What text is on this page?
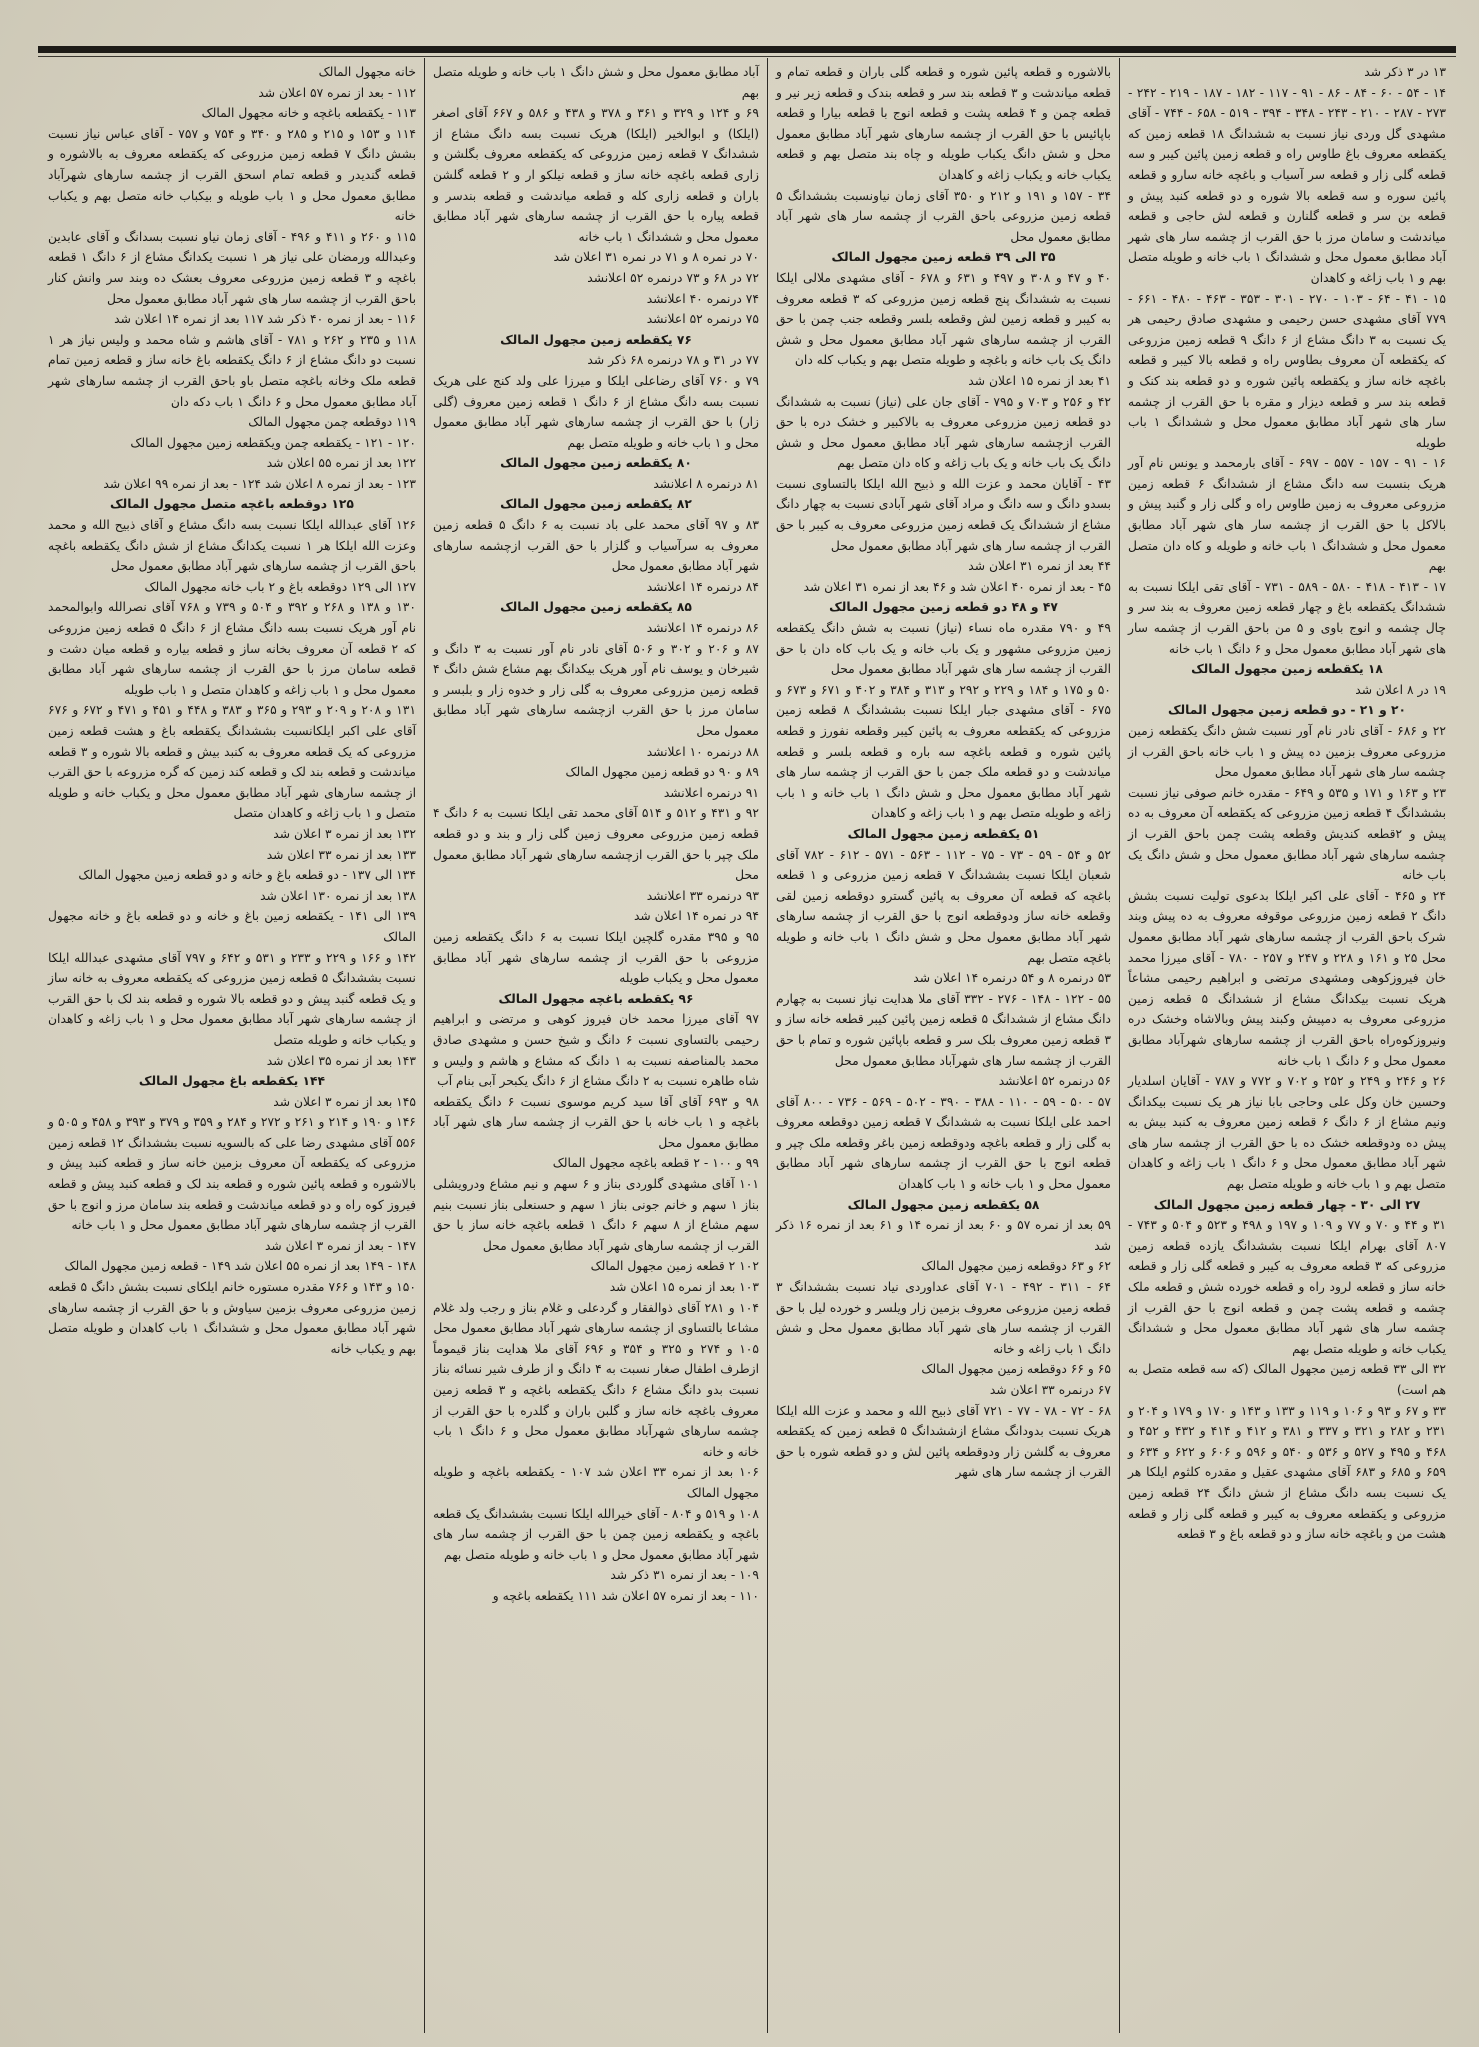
خانه مجهول المالک

۱۱۲ - بعد از نمره ۵۷ اعلان شد

۱۱۳ - یکقطعه باغچه و خانه مجهول المالک

۱۱۴ و ۱۵۳ و ۲۱۵ و ۲۸۵ و ۳۴۰ و ۷۵۴ و ۷۵۷ - آقای عباس نیاز نسبت بشش دانگ ۷ قطعه زمین مزروعی که یکقطعه معروف به بالاشوره و قطعه گندیدر و قطعه تمام اسحق القرب از چشمه سارهای شهرآباد مطابق معمول محل و ۱ باب طویله و بیکباب خانه متصل بهم و یکباب خانه

۱۱۵ و ۲۶۰ و ۴۱۱ و ۴۹۶ - آقای زمان نیاو نسبت بسدانگ و آقای عابدین وعبدالله ورمضان علی نیاز هر ۱ نسبت یکدانگ مشاع از ۶ دانگ ۱ قطعه باغچه و ۳ قطعه زمین مزروعی معروف بعشک ده وبند سر وانش کنار باحق القرب از چشمه سار های شهر آباد مطابق معمول محل

۱۱۶ - بعد از نمره ۴۰ ذکر شد ۱۱۷ بعد از نمره ۱۴ اعلان شد

۱۱۸ و ۲۳۵ و ۲۶۲ و ۷۸۱ - آقای هاشم و شاه محمد و ولیس نیاز هر ۱ نسبت دو دانگ مشاع از ۶ دانگ یکقطعه باغ خانه ساز و قطعه زمین تمام قطعه ملک وخانه باغچه متصل باو باحق القرب از چشمه سارهای شهر آباد مطابق معمول محل و ۶ دانگ ۱ باب دکه دان

۱۱۹ دوقطعه چمن مجهول المالک

۱۲۰ - ۱۲۱ - یکقطعه چمن ویکقطعه زمین مجهول المالک

۱۲۲ بعد از نمره ۵۵ اعلان شد

۱۲۳ - بعد از نمره ۸ اعلان شد ۱۲۴ - بعد از نمره ۹۹ اعلان شد

۱۲۵ دوقطعه باغچه متصل مجهول المالک

۱۲۶ آقای عبدالله ایلکا نسبت بسه دانگ مشاع و آقای ذبیح الله و محمد وعزت الله ایلکا هر ۱ نسبت یکدانگ مشاع از شش دانگ یکقطعه باغچه باحق القرب از چشمه سارهای شهر آباد مطابق معمول محل

۱۲۷ الی ۱۲۹ دوقطعه باغ و ۲ باب خانه مجهول المالک

۱۳۰ و ۱۳۸ و ۲۶۸ و ۳۹۲ و ۵۰۴ و ۷۳۹ و ۷۶۸ آقای نصرالله وابوالمحمد نام آور هریک نسبت بسه دانگ مشاع از ۶ دانگ ۵ قطعه زمین مزروعی که ۲ قطعه آن معروف بخانه ساز و قطعه بیاره و قطعه میان دشت و قطعه سامان مرز با حق القرب از چشمه سارهای شهر آباد مطابق معمول محل و ۱ باب زاغه و کاهدان متصل و ۱ باب طویله

۱۳۱ و ۲۰۸ و ۲۰۹ و ۲۹۳ و ۳۶۵ و ۳۸۳ و ۴۴۸ و ۴۵۱ و ۴۷۱ و ۶۷۲ و ۶۷۶ آقای علی اکبر ایلکانسبت بششدانگ یکقطعه باغ و هشت قطعه زمین مزروعی که یک قطعه معروف به کنبد بیش و قطعه بالا شوره و ۳ قطعه میاندشت و قطعه بند لک و قطعه کند زمین که گره مزروعه با حق القرب از چشمه سارهای شهر آباد مطابق معمول محل و یکباب خانه و طویله متصل و ۱ باب زاغه و کاهدان متصل

۱۳۲ بعد از نمره ۳ اعلان شد

۱۳۳ بعد از نمره ۳۳ اعلان شد

۱۳۴ الی ۱۳۷ - دو قطعه باغ و خانه و دو قطعه زمین مجهول المالک

۱۳۸ بعد از نمره ۱۳۰ اعلان شد

۱۳۹ الی ۱۴۱ - یکقطعه زمین باغ و خانه و دو قطعه باغ و خانه مجهول المالک

۱۴۲ و ۱۶۶ و ۲۲۹ و ۲۳۳ و ۵۳۱ و ۶۴۲ و ۷۹۷ آقای مشهدی عبدالله ایلکا نسبت بششدانگ ۵ قطعه زمین مزروعی که یکقطعه معروف به خانه ساز و یک قطعه گنبد پیش و دو قطعه بالا شوره و قطعه بند لک با حق القرب از چشمه سارهای شهر آباد مطابق معمول محل و ۱ باب زاغه و کاهدان و یکباب خانه و طویله متصل

۱۴۳ بعد از نمره ۳۵ اعلان شد

۱۴۴ یکقطعه باغ مجهول المالک

۱۴۵ بعد از نمره ۳ اعلان شد

۱۴۶ و ۱۹۰ و ۲۱۴ و ۲۶۱ و ۲۷۲ و ۲۸۴ و ۳۵۹ و ۳۷۹ و ۳۹۳ و ۴۵۸ و ۵۰۵ و ۵۵۶ آقای مشهدی رضا علی که بالسویه نسبت بششدانگ ۱۲ قطعه زمین مزروعی که یکقطعه آن معروف بزمین خانه ساز و قطعه کنبد پیش و بالاشوره و قطعه پائین شوره و قطعه بند لک و قطعه کنبد پیش و قطعه فیروز کوه راه و دو قطعه میاندشت و قطعه بند سامان مرز و انوج با حق القرب از چشمه سارهای شهر آباد مطابق معمول محل و ۱ باب خانه

۱۴۷ - بعد از نمره ۳ اعلان شد

۱۴۸ - ۱۴۹ بعد از نمره ۵۵ اعلان شد ۱۴۹ - قطعه زمین مجهول المالک

۱۵۰ و ۱۴۳ و ۷۶۶ مقدره مستوره خانم ایلکای نسبت بشش دانگ ۵ قطعه زمین مزروعی معروف بزمین سیاوش و با حق القرب از چشمه سارهای شهر آباد مطابق معمول محل و ششدانگ ۱ باب کاهدان و طویله متصل بهم و یکباب خانه

آباد مطابق معمول محل و شش دانگ ۱ باب خانه و طویله متصل بهم

۶۹ و ۱۲۴ و ۳۲۹ و ۳۶۱ و ۳۷۸ و ۴۳۸ و ۵۸۶ و ۶۶۷ آقای اصغر (ایلکا) و ابوالخیر (ایلکا) هریک نسبت بسه دانگ مشاع از ششدانگ ۷ قطعه زمین مزروعی که یکقطعه معروف بگلشن و زاری قطعه باغچه خانه ساز و قطعه نیلکو ار و ۲ قطعه گلشن باران و قطعه زاری کله و قطعه میاندشت و قطعه بندسر و قطعه پیاره با حق القرب از چشمه سارهای شهر آباد مطابق معمول محل و ششدانگ ۱ باب خانه

۷۰ در نمره ۸ و ۷۱ در نمره ۳۱ اعلان شد

۷۲ در ۶۸ و ۷۳ درنمره ۵۲ اعلانشد

۷۴ درنمره ۴۰ اعلانشد

۷۵ درنمره ۵۲ اعلانشد

۷۶ یکقطعه زمین مجهول المالک

۷۷ در ۳۱ و ۷۸ درنمره ۶۸ ذکر شد

۷۹ و ۷۶۰ آقای رضاعلی ایلکا و میرزا علی ولد کنج علی هریک نسبت بسه دانگ مشاع از ۶ دانگ ۱ قطعه زمین معروف (گلی زار) با حق القرب از چشمه سارهای شهر آباد مطابق معمول محل و ۱ باب خانه و طویله متصل بهم

۸۰ یکقطعه زمین مجهول المالک

۸۱ درنمره ۸ اعلانشد

۸۲ یکقطعه زمین مجهول المالک

۸۳ و ۹۷ آقای محمد علی باد نسبت به ۶ دانگ ۵ قطعه زمین معروف به سرآسیاب و گلزار با حق القرب ازچشمه سارهای شهر آباد مطابق معمول محل

۸۴ درنمره ۱۴ اعلانشد

۸۵ یکقطعه زمین مجهول المالک

۸۶ درنمره ۱۴ اعلانشد

۸۷ و ۲۰۶ و ۳۰۲ و ۵۰۶ آقای نادر نام آور نسبت به ۳ دانگ و شیرخان و یوسف نام آور هریک بیکدانگ بهم مشاع شش دانگ ۴ قطعه زمین مزروعی معروف به گلی زار و خدوه زار و بلبسر و سامان مرز با حق القرب ازچشمه سارهای شهر آباد مطابق معمول محل

۸۸ درنمره ۱۰ اعلانشد

۸۹ و ۹۰ دو قطعه زمین مجهول المالک

۹۱ درنمره اعلانشد

۹۲ و ۴۳۱ و ۵۱۲ و ۵۱۴ آقای محمد تقی ایلکا نسبت به ۶ دانگ ۴ قطعه زمین مزروعی معروف زمین گلی زار و بند و دو قطعه ملک چپر با حق القرب ازچشمه سارهای شهر آباد مطابق معمول محل

۹۳ درنمره ۳۳ اعلانشد

۹۴ در نمره ۱۴ اعلان شد

۹۵ و ۳۹۵ مقدره گلچین ایلکا نسبت به ۶ دانگ یکقطعه زمین مزروعی با حق القرب از چشمه سارهای شهر آباد مطابق معمول محل و یکباب طویله

۹۶ یکقطعه باغچه مجهول المالک

۹۷ آقای میرزا محمد خان فیروز کوهی و مرتضی و ابراهیم رحیمی بالتساوی نسبت ۶ دانگ و شیخ حسن و مشهدی صادق محمد بالمناصفه نسبت به ۱ دانگ که مشاع و هاشم و ولیس و شاه طاهره نسبت به ۲ دانگ مشاع از ۶ دانگ یکبحر آبی بنام آب

۹۸ و ۶۹۳ آقای آقا سید کریم موسوی نسبت ۶ دانگ یکقطعه باغچه و ۱ باب خانه با حق القرب از چشمه سار های شهر آباد مطابق معمول محل

۹۹ و ۱۰۰ - ۲ قطعه باغچه مجهول المالک

۱۰۱ آقای مشهدی گلوردی بناز و ۶ سهم و نیم مشاع ودرویشلی بناز ۱ سهم و خانم جونی بناز ۱ سهم و حسنعلی بناز نسبت بنیم سهم مشاع از ۸ سهم ۶ دانگ ۱ قطعه باغچه خانه ساز با حق القرب از چشمه سارهای شهر آباد مطابق معمول محل

۱۰۲ ۲ قطعه زمین مجهول المالک

۱۰۳ بعد از نمره ۱۵ اعلان شد

۱۰۴ و ۲۸۱ آقای ذوالفقار و گردعلی و غلام بناز و رجب ولد غلام مشاعا بالتساوی از چشمه سارهای شهر آباد مطابق معمول محل

۱۰۵ و ۲۷۴ و ۳۲۵ و ۳۵۴ و ۶۹۶ آقای ملا هدایت بناز قیموماً ازطرف اطفال صغار نسبت به ۴ دانگ و از طرف شیر نسائه بناز نسبت بدو دانگ مشاع ۶ دانگ یکقطعه باغچه و ۳ قطعه زمین معروف باغچه خانه ساز و گلبن باران و گلدره با حق القرب از چشمه سارهای شهرآباد مطابق معمول محل و ۶ دانگ ۱ باب خانه و خانه

۱۰۶ بعد از نمره ۳۳ اعلان شد ۱۰۷ - یکقطعه باغچه و طویله مجهول المالک

۱۰۸ و ۵۱۹ و ۸۰۴ - آقای خیرالله ایلکا نسبت بششدانگ یک قطعه باغچه و یکقطعه زمین چمن با حق القرب از چشمه سار های شهر آباد مطابق معمول محل و ۱ باب خانه و طویله متصل بهم

۱۰۹ - بعد از نمره ۳۱ ذکر شد

۱۱۰ - بعد از نمره ۵۷ اعلان شد ۱۱۱ یکقطعه باغچه و

بالاشوره و قطعه پائین شوره و قطعه گلی باران و قطعه تمام و قطعه میاندشت و ۳ قطعه بند سر و قطعه بندک و قطعه زیر نیر و قطعه چمن و ۴ قطعه پشت و قطعه انوج با قطعه بیارا و قطعه باپائیس با حق القرب از چشمه سارهای شهر آباد مطابق معمول محل و شش دانگ یکباب طویله و چاه بند متصل بهم و قطعه یکباب خانه و یکباب زاغه و کاهدان

۳۴ - ۱۵۷ و ۱۹۱ و ۲۱۲ و ۳۵۰ آقای زمان نیاونسبت بششدانگ ۵ قطعه زمین مزروعی باحق القرب از چشمه سار های شهر آباد مطابق معمول محل

۳۵ الی ۳۹ قطعه زمین مجهول المالک

۴۰ و ۴۷ و ۳۰۸ و ۴۹۷ و ۶۳۱ و ۶۷۸ - آقای مشهدی ملالی ایلکا نسبت به ششدانگ پنج قطعه زمین مزروعی که ۳ قطعه معروف به کیبر و قطعه زمین لش وقطعه بلسر وقطعه جنب چمن با حق القرب از چشمه سارهای شهر آباد مطابق معمول محل و شش دانگ یک باب خانه و باغچه و طویله متصل بهم و یکباب کله دان

۴۱ بعد از نمره ۱۵ اعلان شد

۴۲ و ۲۵۶ و ۷۰۳ و ۷۹۵ - آقای جان علی (نیاز) نسبت به ششدانگ دو قطعه زمین مزروعی معروف به بالاکبیر و خشک دره با حق القرب ازچشمه سارهای شهر آباد مطابق معمول محل و شش دانگ یک باب خانه و یک باب زاغه و کاه دان متصل بهم

۴۳ - آقایان محمد و عزت الله و ذبیح الله ایلکا بالتساوی نسبت بسدو دانگ و سه دانگ و مراد آقای شهر آبادی نسبت به چهار دانگ مشاع از ششدانگ یک قطعه زمین مزروعی معروف به کیبر با حق القرب از چشمه سار های شهر آباد مطابق معمول محل

۴۴ بعد از نمره ۳۱ اعلان شد

۴۵ - بعد از نمره ۴۰ اعلان شد و ۴۶ بعد از نمره ۳۱ اعلان شد

۴۷ و ۴۸ دو قطعه زمین مجهول المالک

۴۹ و ۷۹۰ مقدره ماه نساء (نیاز) نسبت به شش دانگ یکقطعه زمین مزروعی مشهور و یک باب خانه و یک باب کاه دان با حق القرب از چشمه سار های شهر آباد مطابق معمول محل

۵۰ و ۱۷۵ و ۱۸۴ و ۲۲۹ و ۲۹۲ و ۳۱۳ و ۳۸۴ و ۴۰۲ و ۶۷۱ و ۶۷۳ و ۶۷۵ - آقای مشهدی جبار ایلکا نسبت بششدانگ ۸ قطعه زمین مزروعی که یکقطعه معروف به پائین کیبر وقطعه نفورز و قطعه پائین شوره و قطعه باغچه سه باره و قطعه بلسر و قطعه میاندشت و دو قطعه ملک جمن با حق القرب از چشمه سار های شهر آباد مطابق معمول محل و شش دانگ ۱ باب خانه و ۱ باب زاغه و طویله متصل بهم و ۱ باب زاغه و کاهدان

۵۱ یکقطعه زمین مجهول المالک

۵۲ و ۵۴ - ۵۹ - ۷۳ - ۷۵ - ۱۱۲ - ۵۶۳ - ۵۷۱ - ۶۱۲ - ۷۸۲ آقای شعبان ایلکا نسبت بششدانگ ۷ قطعه زمین مزروعی و ۱ قطعه باغچه که قطعه آن معروف به پائین گسترو دوقطعه زمین لقی وقطعه خانه ساز ودوقطعه انوج با حق القرب از چشمه سارهای شهر آباد مطابق معمول محل و شش دانگ ۱ باب خانه و طویله باغچه متصل بهم

۵۳ درنمره ۸ و ۵۴ درنمره ۱۴ اعلان شد

۵۵ - ۱۲۲ - ۱۴۸ - ۲۷۶ - ۳۳۲ آقای ملا هدایت نیاز نسبت به چهارم دانگ مشاع از ششدانگ ۵ قطعه زمین پائین کیبر قطعه خانه ساز و ۳ قطعه زمین معروف بلک سر و قطعه باپائین شوره و تمام با حق القرب از چشمه سار های شهرآباد مطابق معمول محل

۵۶ درنمره ۵۲ اعلانشد

۵۷ - ۵۰ - ۵۹ - ۱۱۰ - ۳۸۸ - ۳۹۰ - ۵۰۲ - ۵۶۹ - ۷۳۶ - ۸۰۰ آقای احمد علی ایلکا نسبت به ششدانگ ۷ قطعه زمین دوقطعه معروف به گلی زار و قطعه باغچه ودوقطعه زمین باغر وقطعه ملک چپر و قطعه انوج با حق القرب از چشمه سارهای شهر آباد مطابق معمول محل و ۱ باب خانه و ۱ باب کاهدان

۵۸ یکقطعه زمین مجهول المالک

۵۹ بعد از نمره ۵۷ و ۶۰ بعد از نمره ۱۴ و ۶۱ بعد از نمره ۱۶ ذکر شد

۶۲ و ۶۳ دوقطعه زمین مجهول المالک

۶۴ - ۳۱۱ - ۴۹۲ - ۷۰۱ آقای عداوردی نیاد نسبت بششدانگ ۳ قطعه زمین مزروعی معروف بزمین زار ویلسر و خورده لیل با حق القرب از چشمه سار های شهر آباد مطابق معمول محل و شش دانگ ۱ باب زاغه و خانه

۶۵ و ۶۶ دوقطعه زمین مجهول المالک

۶۷ درنمره ۳۳ اعلان شد

۶۸ - ۷۲ - ۷۸ - ۷۷ - ۷۲۱ آقای ذبیح الله و محمد و عزت الله ایلکا هریک نسبت بدودانگ مشاع ازششدانگ ۵ قطعه زمین که یکقطعه معروف به گلشن زار ودوقطعه پائین لش و دو قطعه شوره با حق القرب از چشمه سار های شهر

۱۳ در ۳ ذکر شد

۱۴ - ۵۴ - ۶۰ - ۸۴ - ۸۶ - ۹۱ - ۱۱۷ - ۱۸۲ - ۱۸۷ - ۲۱۹ - ۲۴۲ - ۲۷۳ - ۲۸۷ - ۲۱۰ - ۲۴۳ - ۳۴۸ - ۳۹۴ - ۵۱۹ - ۶۵۸ - ۷۴۴ - آقای مشهدی گل وردی نیاز نسبت به ششدانگ ۱۸ قطعه زمین که یکقطعه معروف باغ طاوس راه و قطعه زمین پائین کیبر و سه قطعه گلی زار و قطعه سر آسیاب و باغچه خانه سارو و قطعه پائین سوره و سه قطعه بالا شوره و دو قطعه کنبد پیش و قطعه بن سر و قطعه گلنارن و قطعه لش حاجی و قطعه میاندشت و سامان مرز با حق القرب از چشمه سار های شهر آباد مطابق معمول محل و ششدانگ ۱ باب خانه و طویله متصل بهم و ۱ باب زاغه و کاهدان

۱۵ - ۴۱ - ۶۴ - ۱۰۳ - ۲۷۰ - ۳۰۱ - ۳۵۳ - ۴۶۳ - ۴۸۰ - ۶۶۱ - ۷۷۹ آقای مشهدی حسن رحیمی و مشهدی صادق رحیمی هر یک نسبت به ۳ دانگ مشاع از ۶ دانگ ۹ قطعه زمین مزروعی که یکقطعه آن معروف بطاوس راه و قطعه بالا کیبر و قطعه باغچه خانه ساز و یکقطعه پائین شوره و دو قطعه بند کنک و قطعه بند سر و قطعه دیزار و مقره با حق القرب از چشمه سار های شهر آباد مطابق معمول محل و ششدانگ ۱ باب طویله

۱۶ - ۹۱ - ۱۵۷ - ۵۵۷ - ۶۹۷ - آقای بارمحمد و یونس نام آور هریک بنسبت سه دانگ مشاع از ششدانگ ۶ قطعه زمین مزروعی معروف به زمین طاوس راه و گلی زار و گنبد پیش و بالاکل با حق القرب از چشمه سار های شهر آباد مطابق معمول محل و ششدانگ ۱ باب خانه و طویله و کاه دان متصل بهم

۱۷ - ۴۱۳ - ۴۱۸ - ۵۸۰ - ۵۸۹ - ۷۳۱ - آقای تقی ایلکا نسبت به ششدانگ یکقطعه باغ و چهار قطعه زمین معروف به بند سر و چال چشمه و انوج باوی و ۵ من باحق القرب از چشمه سار های شهر آباد مطابق معمول محل و ۶ دانگ ۱ باب خانه

۱۸ یکقطعه زمین مجهول المالک

۱۹ در ۸ اعلان شد

۲۰ و ۲۱ - دو قطعه زمین مجهول المالک

۲۲ و ۶۸۶ - آقای نادر نام آور نسبت شش دانگ یکقطعه زمین مزروعی معروف بزمین ده پیش و ۱ باب خانه باحق القرب از چشمه سار های شهر آباد مطابق معمول محل

۲۳ و ۱۶۳ و ۱۷۱ و ۵۳۵ و ۶۴۹ - مقدره خانم صوفی نیاز نسبت بششدانگ ۴ قطعه زمین مزروعی که یکقطعه آن معروف به ده پیش و ۲قطعه کندیش وقطعه پشت چمن باحق القرب از چشمه سارهای شهر آباد مطابق معمول محل و شش دانگ یک باب خانه

۲۴ و ۴۶۵ - آقای علی اکبر ایلکا بدعوی تولیت نسبت بشش دانگ ۲ قطعه زمین مزروعی موقوفه معروف به ده پیش وبند شرک باحق القرب از چشمه سارهای شهر آباد مطابق معمول محل ۲۵ و ۱۶۱ و ۲۲۸ و ۲۴۷ و ۲۵۷ - ۷۸۰ - آقای میرزا محمد خان فیروزکوهی ومشهدی مرتضی و ابراهیم رحیمی مشاعاً هریک نسبت بیکدانگ مشاع از ششدانگ ۵ قطعه زمین مزروعی معروف به دمپیش وکبند پیش وبالاشاه وخشک دره ونیروزکوه‌راه باحق القرب از چشمه سارهای شهرآباد مطابق معمول محل و ۶ دانگ ۱ باب خانه

۲۶ و ۲۴۶ و ۲۴۹ و ۲۵۲ و ۷۰۲ و ۷۷۲ و ۷۸۷ - آقایان اسلدیار وحسین خان وکل علی وحاجی بابا نیاز هر یک نسبت بیکدانگ ونیم مشاع از ۶ دانگ ۶ قطعه زمین معروف به کنبد بیش به پیش ده ودوقطعه خشک ده با حق القرب از چشمه سار های شهر آباد مطابق معمول محل و ۶ دانگ ۱ باب زاغه و کاهدان متصل بهم و ۱ باب خانه و طویله متصل بهم

۲۷ الی ۳۰ - چهار قطعه زمین مجهول المالک

۳۱ و ۴۴ و ۷۰ و ۷۷ و ۱۰۹ و ۱۹۷ و ۴۹۸ و ۵۲۳ و ۵۰۴ و ۷۴۳ - ۸۰۷ آقای بهرام ایلکا نسبت بششدانگ یازده قطعه زمین مزروعی که ۳ قطعه معروف به کیبر و قطعه گلی زار و قطعه خانه ساز و قطعه لرود راه و قطعه خورده شش و قطعه ملک چشمه و قطعه پشت چمن و قطعه انوج با حق القرب از چشمه سار های شهر آباد مطابق معمول محل و ششدانگ یکباب خانه و طویله متصل بهم

۳۲ الی ۳۳ قطعه زمین مجهول المالک (که سه قطعه متصل به هم است)

۳۳ و ۶۷ و ۹۳ و ۱۰۶ و ۱۱۹ و ۱۳۳ و ۱۴۳ و ۱۷۰ و ۱۷۹ و ۲۰۴ و ۲۳۱ و ۲۸۲ و ۳۲۱ و ۳۳۷ و ۳۸۱ و ۴۱۲ و ۴۱۴ و ۴۳۲ و ۴۵۲ و ۴۶۸ و ۴۹۵ و ۵۲۷ و ۵۳۶ و ۵۴۰ و ۵۹۶ و ۶۰۶ و ۶۲۲ و ۶۳۴ و ۶۵۹ و ۶۸۵ و ۶۸۳ آقای مشهدی عقیل و مقدره کلثوم ایلکا هر یک نسبت بسه دانگ مشاع از شش دانگ ۲۴ قطعه زمین مزروعی و یکقطعه معروف به کیبر و قطعه گلی زار و قطعه هشت من و باغچه خانه ساز و دو قطعه باغ و ۳ قطعه
